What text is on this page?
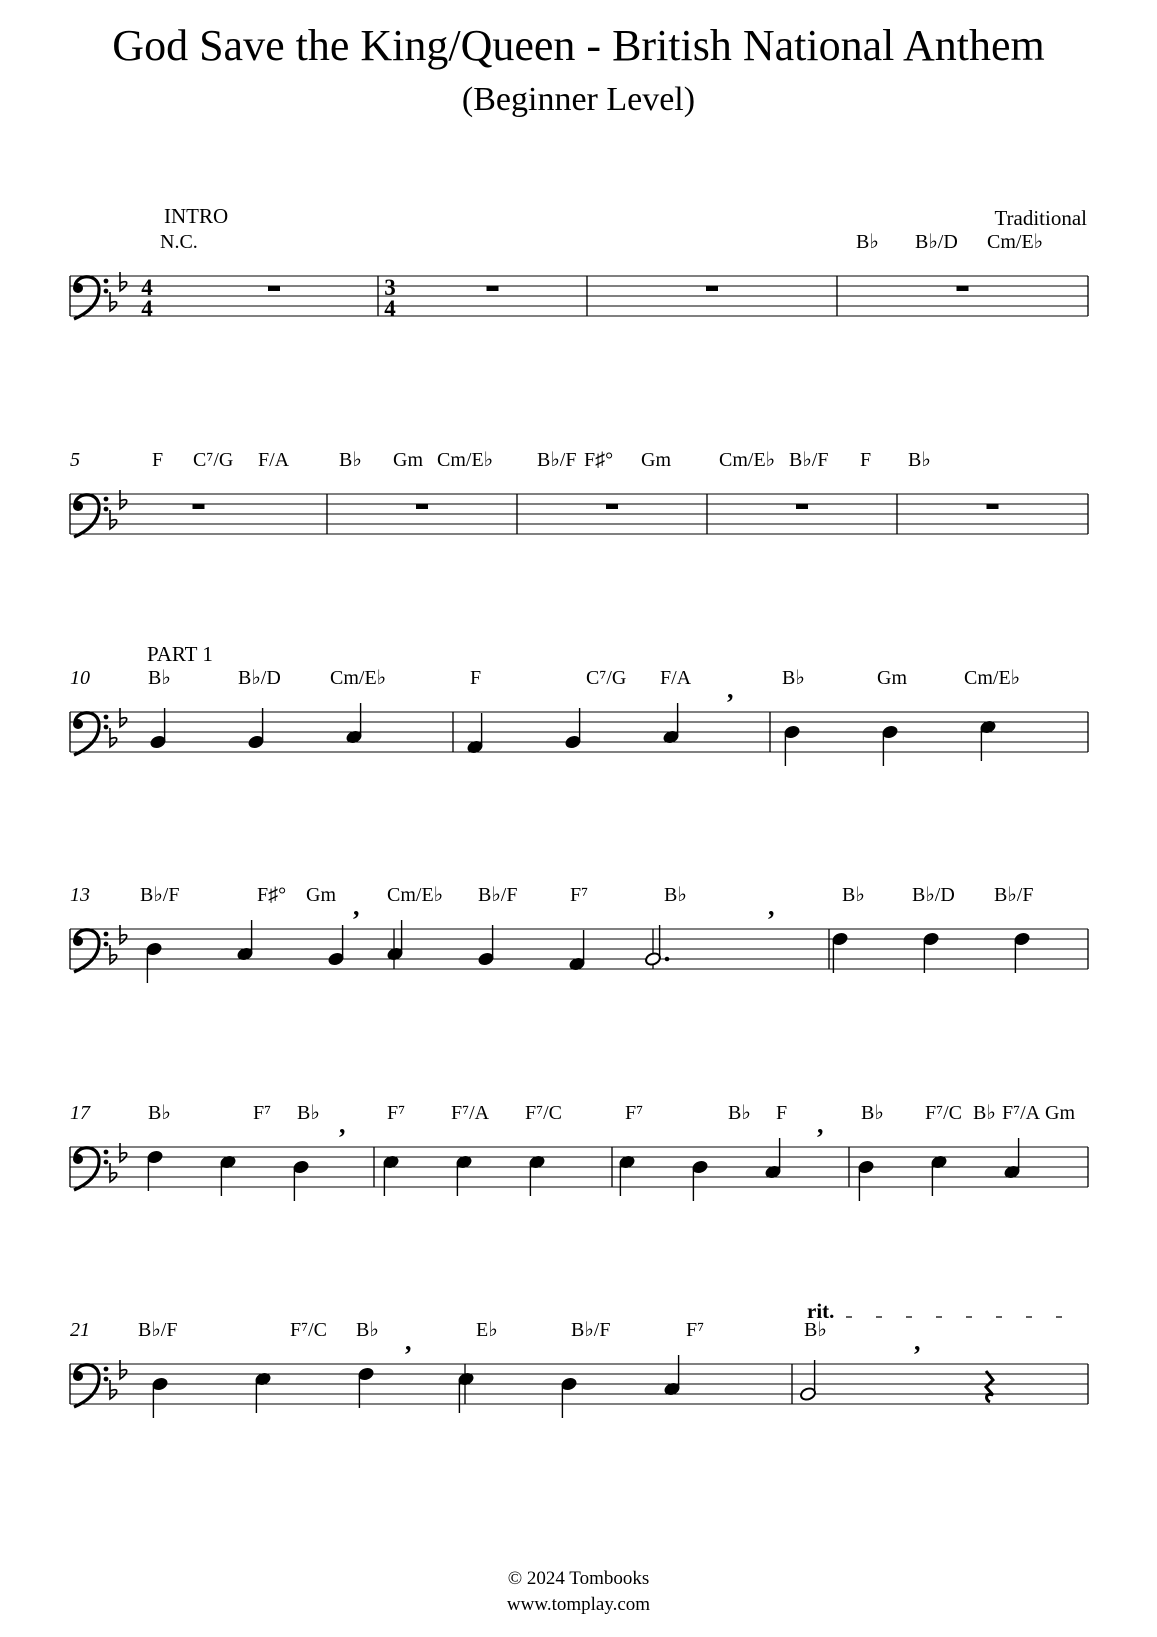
God Save the King/Queen - British National Anthem
(Beginner Level)
Traditional
4
4
3
4
N.C.	B♭ B♭/D Cm/E♭
5	F C⁷/G F/A B♭ Gm Cm/E♭ B♭/F F♯° Gm Cm/E♭ B♭/F F B♭
10	B♭	B♭/D Cm/E♭	F	C⁷/G F/A , B♭	Gm	Cm/E♭
13	B♭/F	F♯° Gm , Cm/E♭ B♭/F	F⁷	B♭	,	B♭ B♭/D B♭/F
17	B♭	F⁷ B♭ , F⁷ F⁷/A F⁷/C	F⁷	B♭ F , B♭ F⁷/C B♭ F⁷/A Gm
21 B♭/F	F⁷/C B♭ ,	E♭	B♭/F	F⁷	B♭	,
INTRO
PART 1
rit.
© 2024 Tombooks
www.tomplay.com
